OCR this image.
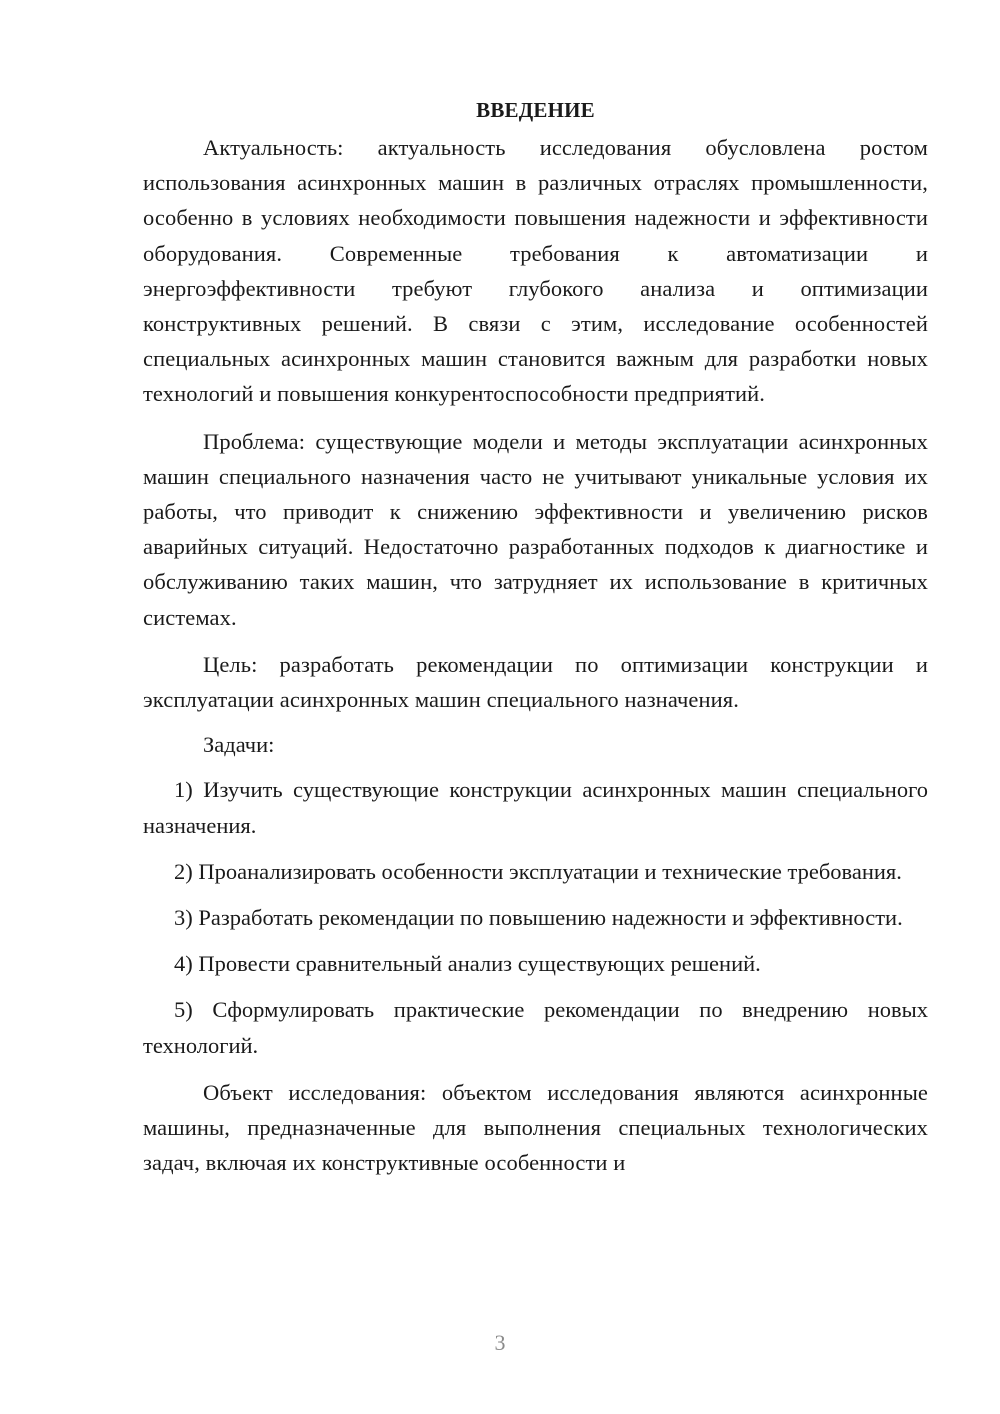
ВВЕДЕНИЕ

Актуальность: актуальность исследования обусловлена ростом использования асинхронных машин в различных отраслях промышленности, особенно в условиях необходимости повышения надежности и эффективности оборудования. Современные требования к автоматизации и энергоэффективности требуют глубокого анализа и оптимизации конструктивных решений. В связи с этим, исследование особенностей специальных асинхронных машин становится важным для разработки новых технологий и повышения конкурентоспособности предприятий.

Проблема: существующие модели и методы эксплуатации асинхронных машин специального назначения часто не учитывают уникальные условия их работы, что приводит к снижению эффективности и увеличению рисков аварийных ситуаций. Недостаточно разработанных подходов к диагностике и обслуживанию таких машин, что затрудняет их использование в критичных системах.

Цель: разработать рекомендации по оптимизации конструкции и эксплуатации асинхронных машин специального назначения.

Задачи:

1) Изучить существующие конструкции асинхронных машин специального назначения.

2) Проанализировать особенности эксплуатации и технические требования.

3) Разработать рекомендации по повышению надежности и эффективности.

4) Провести сравнительный анализ существующих решений.

5) Сформулировать практические рекомендации по внедрению новых технологий.

Объект исследования: объектом исследования являются асинхронные машины, предназначенные для выполнения специальных технологических задач, включая их конструктивные особенности и

3
